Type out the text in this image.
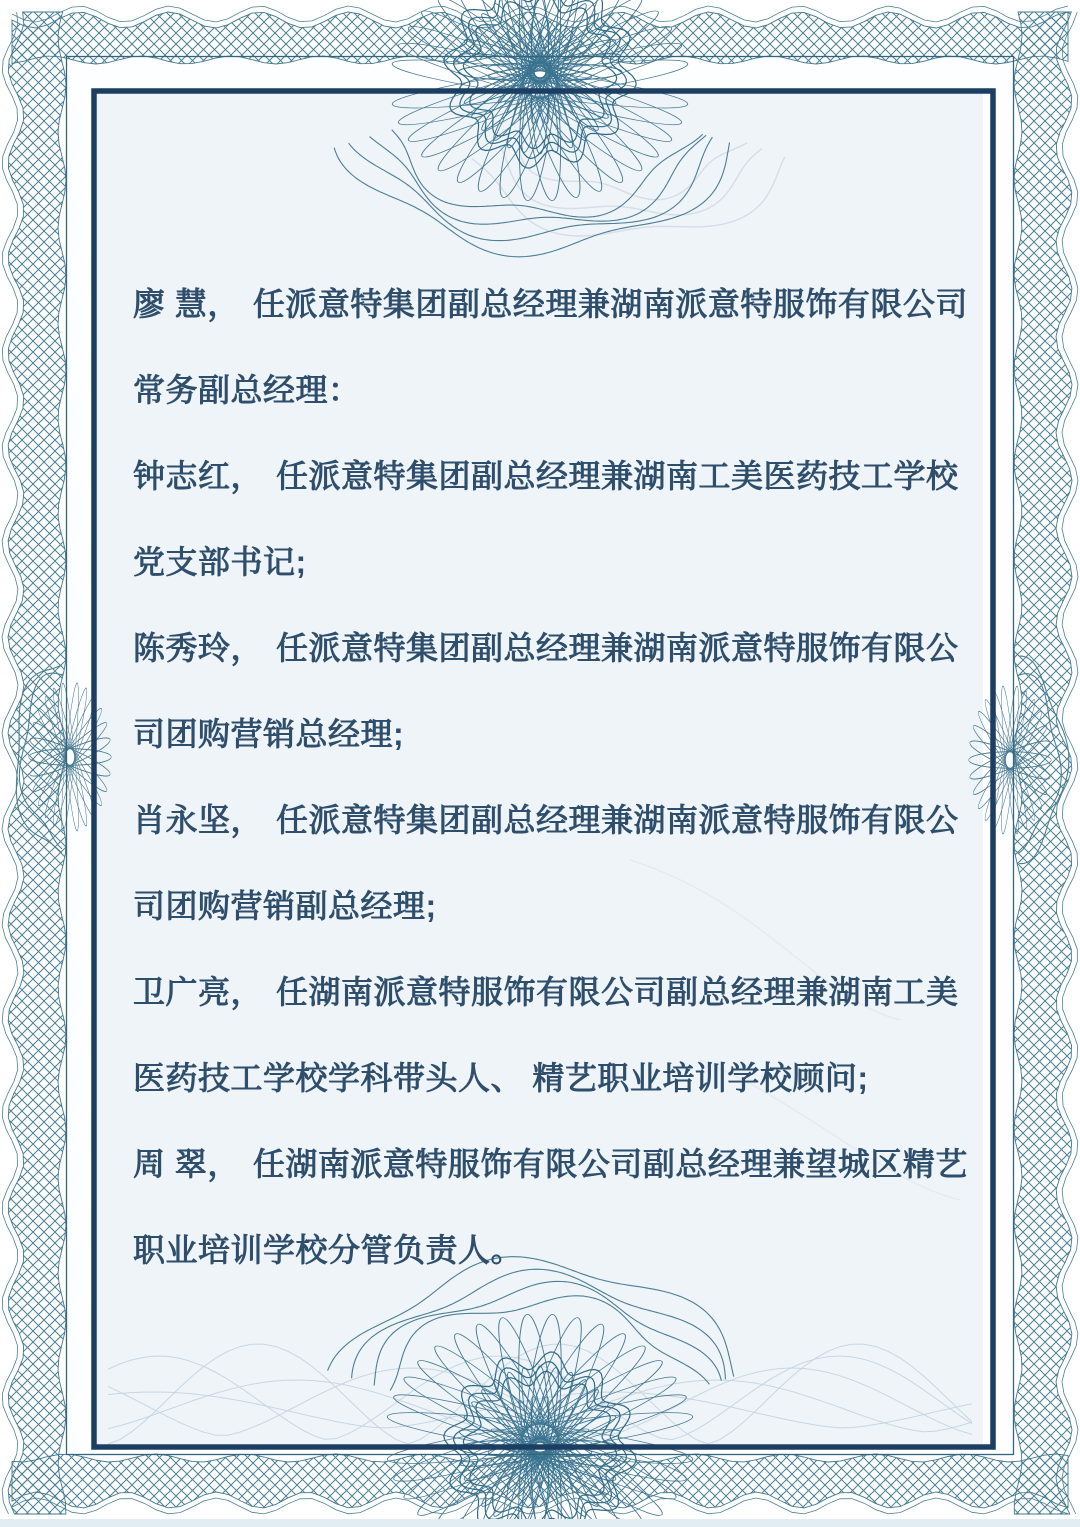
廖 慧， 任派意特集团副总经理兼湖南派意特服饰有限公司
常务副总经理：
钟志红， 任派意特集团副总经理兼湖南工美医药技工学校
党支部书记;
陈秀玲， 任派意特集团副总经理兼湖南派意特服饰有限公
司团购营销总经理;
肖永坚， 任派意特集团副总经理兼湖南派意特服饰有限公
司团购营销副总经理;
卫广亮， 任湖南派意特服饰有限公司副总经理兼湖南工美
医药技工学校学科带头人、 精艺职业培训学校顾问;
周 翠， 任湖南派意特服饰有限公司副总经理兼望城区精艺
职业培训学校分管负责人。
